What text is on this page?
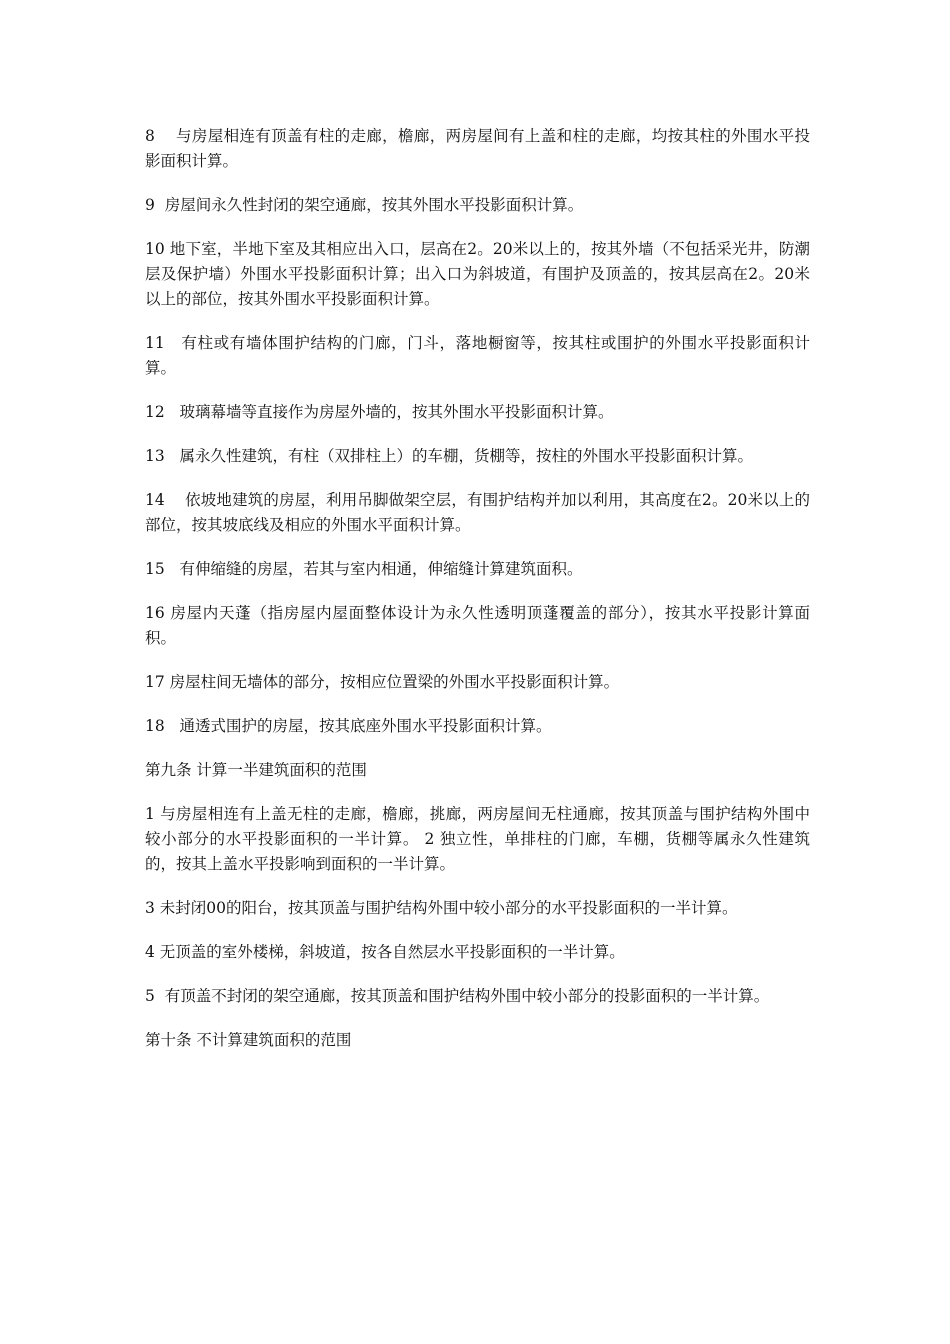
8    与房屋相连有顶盖有柱的走廊，檐廊，两房屋间有上盖和柱的走廊，均按其柱的外围水平投影面积计算。

9  房屋间永久性封闭的架空通廊，按其外围水平投影面积计算。

10 地下室，半地下室及其相应出入口，层高在2。20米以上的，按其外墙（不包括采光井，防潮层及保护墙）外围水平投影面积计算；出入口为斜坡道，有围护及顶盖的，按其层高在2。20米以上的部位，按其外围水平投影面积计算。

11   有柱或有墙体围护结构的门廊，门斗，落地橱窗等，按其柱或围护的外围水平投影面积计算。

12   玻璃幕墙等直接作为房屋外墙的，按其外围水平投影面积计算。

13   属永久性建筑，有柱（双排柱上）的车棚，货棚等，按柱的外围水平投影面积计算。

14    依坡地建筑的房屋，利用吊脚做架空层，有围护结构并加以利用，其高度在2。20米以上的部位，按其坡底线及相应的外围水平面积计算。

15   有伸缩缝的房屋，若其与室内相通，伸缩缝计算建筑面积。

16 房屋内天蓬（指房屋内屋面整体设计为永久性透明顶蓬覆盖的部分），按其水平投影计算面积。

17 房屋柱间无墙体的部分，按相应位置梁的外围水平投影面积计算。

18   通透式围护的房屋，按其底座外围水平投影面积计算。

第九条 计算一半建筑面积的范围

1 与房屋相连有上盖无柱的走廊，檐廊，挑廊，两房屋间无柱通廊，按其顶盖与围护结构外围中较小部分的水平投影面积的一半计算。 2 独立性，单排柱的门廊，车棚，货棚等属永久性建筑的，按其上盖水平投影响到面积的一半计算。

3 未封闭00的阳台，按其顶盖与围护结构外围中较小部分的水平投影面积的一半计算。

4 无顶盖的室外楼梯，斜坡道，按各自然层水平投影面积的一半计算。

5  有顶盖不封闭的架空通廊，按其顶盖和围护结构外围中较小部分的投影面积的一半计算。

第十条 不计算建筑面积的范围
